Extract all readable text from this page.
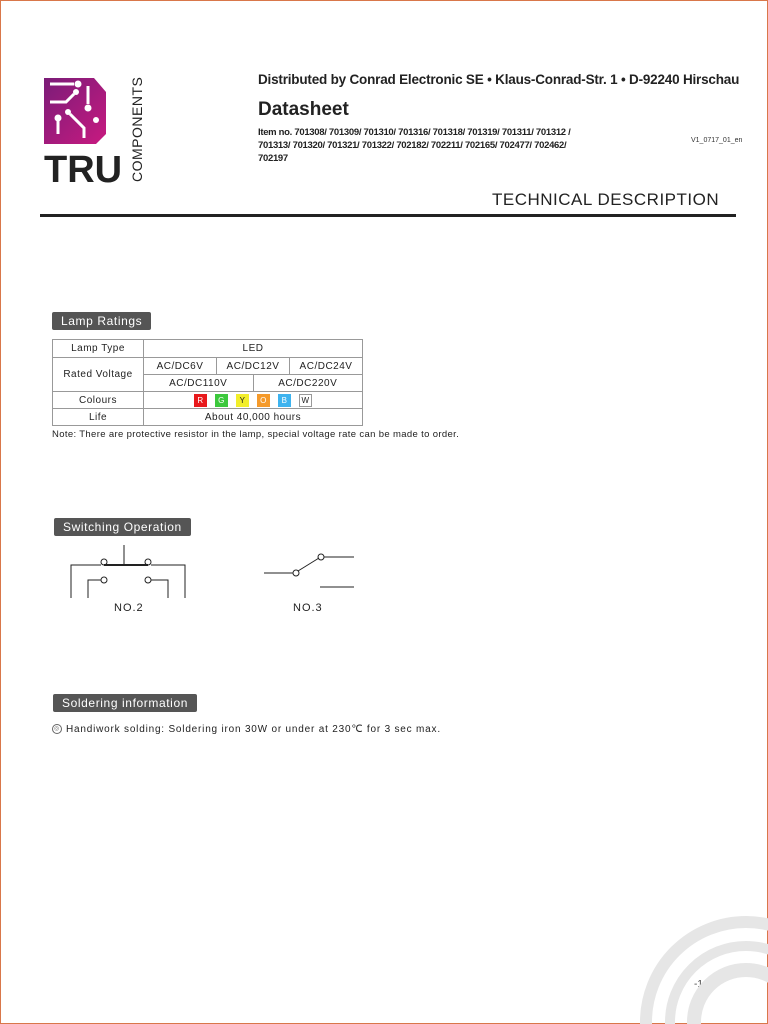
TRU COMPONENTS	Distributed by Conrad Electronic SE • Klaus-Conrad-Str. 1 • D-92240 Hirschau
Datasheet
Item no. 701308/ 701309/ 701310/ 701316/ 701318/ 701319/ 701311/ 701312 / 701313/ 701320/ 701321/ 701322/ 702182/ 702211/ 702165/ 702477/ 702462/ 702197
V1_0717_01_en
TECHNICAL DESCRIPTION
Lamp Ratings
Lamp Type	LED			
Rated Voltage	AC/DC6V	AC/DC12V		AC/DC24V
	AC/DC110V		AC/DC220V	
Colours	R G Y O B W			
Life	About 40,000 hours			
Note: There are protective resistor in the lamp, special voltage rate can be made to order.
Switching Operation
NO.2	NO.3
Soldering information
◎ Handiwork solding: Soldering iron 30W or under at 230℃ for 3 sec max.
-1-
